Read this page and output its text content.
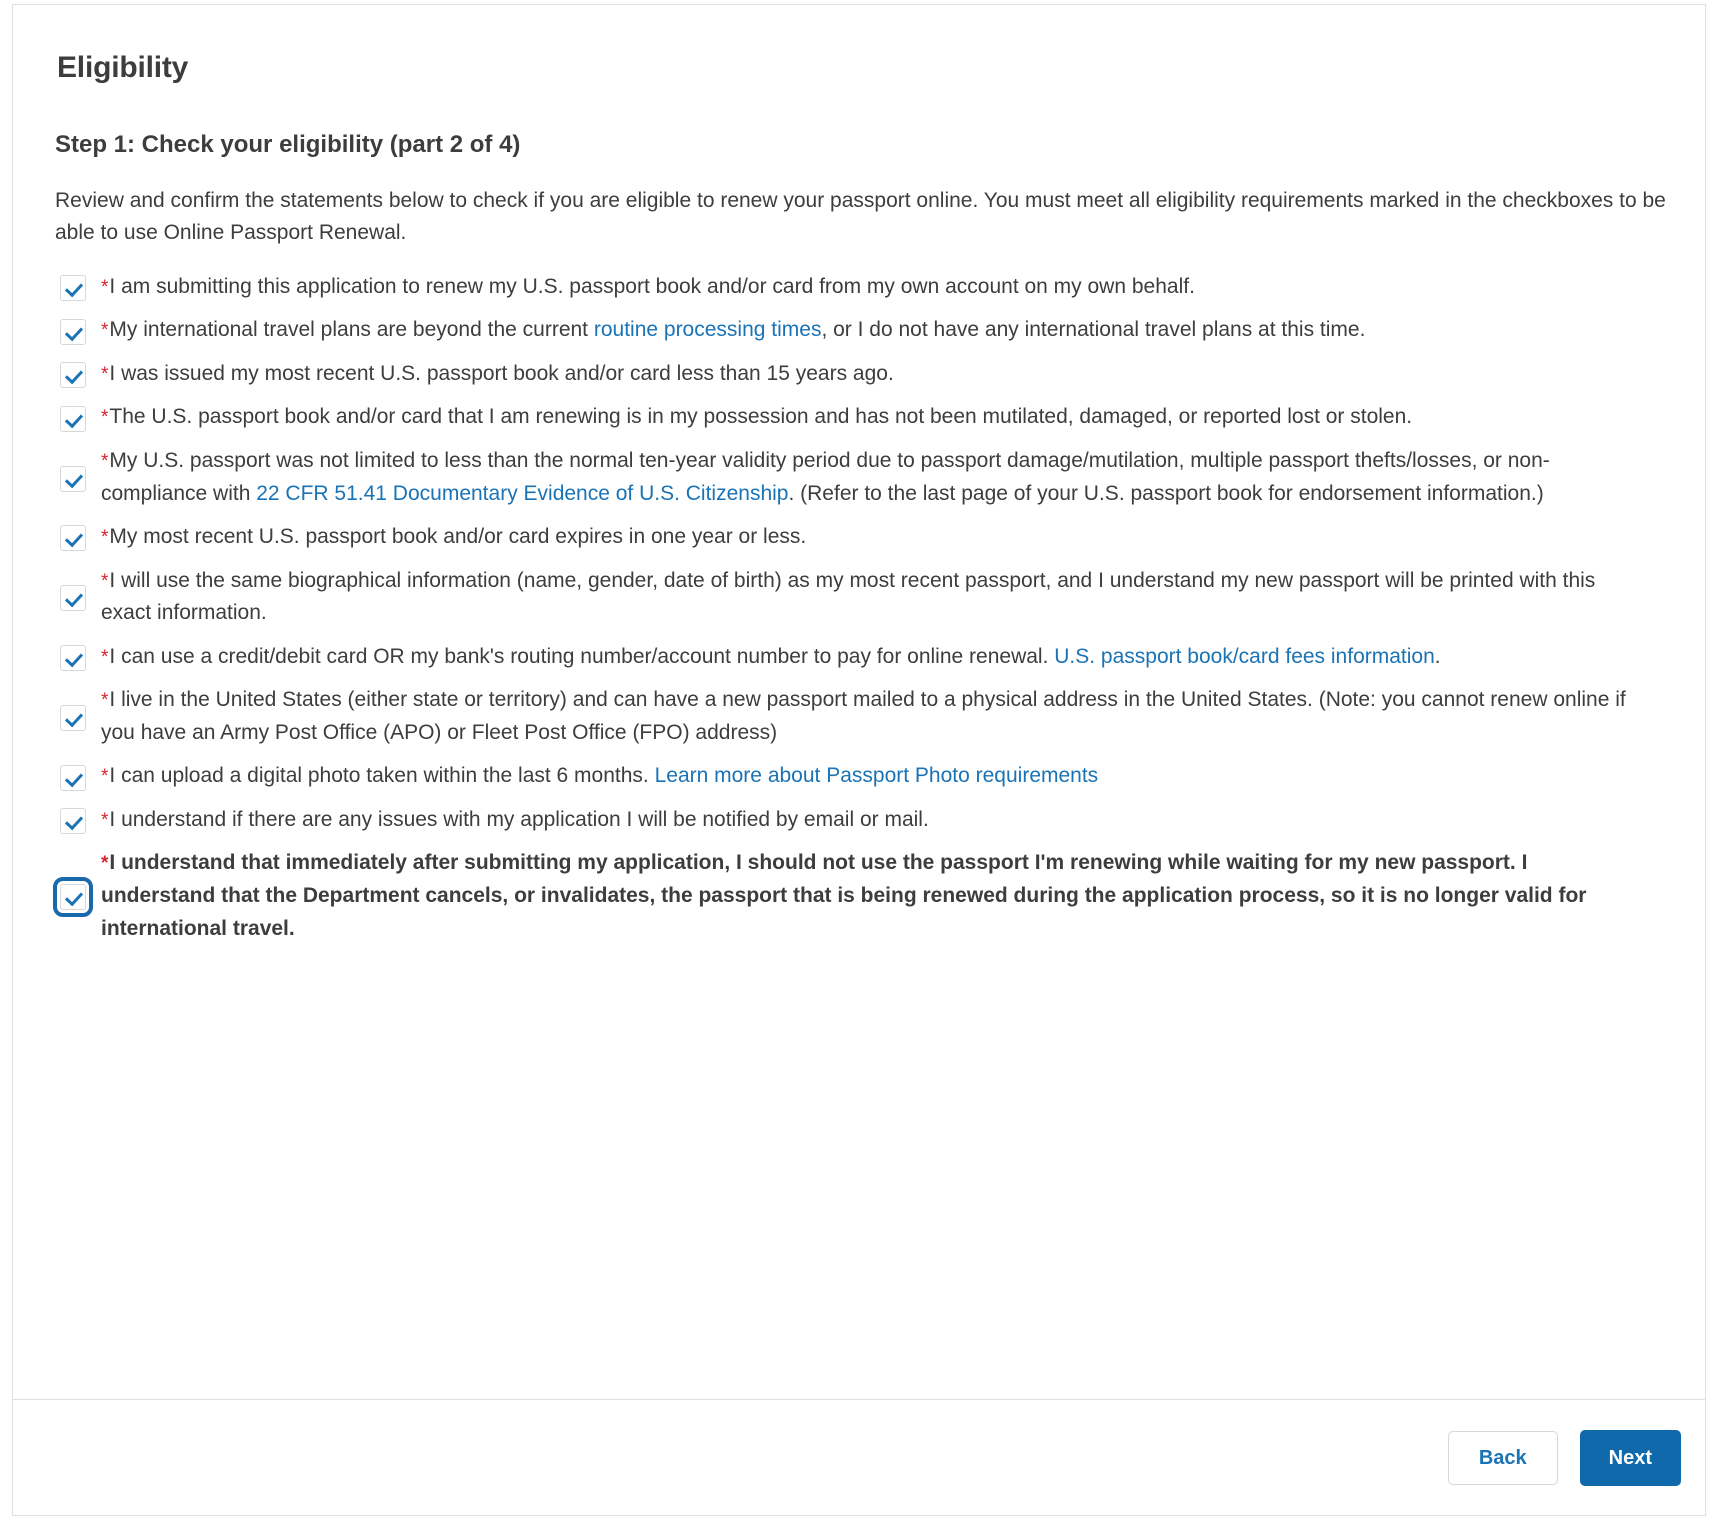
Eligibility
Step 1: Check your eligibility (part 2 of 4)

Review and confirm the statements below to check if you are eligible to renew your passport online. You must meet all eligibility requirements marked in the checkboxes to be able to use Online Passport Renewal.

*I am submitting this application to renew my U.S. passport book and/or card from my own account on my own behalf.
*My international travel plans are beyond the current routine processing times, or I do not have any international travel plans at this time.
*I was issued my most recent U.S. passport book and/or card less than 15 years ago.
*The U.S. passport book and/or card that I am renewing is in my possession and has not been mutilated, damaged, or reported lost or stolen.
*My U.S. passport was not limited to less than the normal ten-year validity period due to passport damage/mutilation, multiple passport thefts/losses, or non-compliance with 22 CFR 51.41 Documentary Evidence of U.S. Citizenship. (Refer to the last page of your U.S. passport book for endorsement information.)
*My most recent U.S. passport book and/or card expires in one year or less.
*I will use the same biographical information (name, gender, date of birth) as my most recent passport, and I understand my new passport will be printed with this exact information.
*I can use a credit/debit card OR my bank's routing number/account number to pay for online renewal. U.S. passport book/card fees information.
*I live in the United States (either state or territory) and can have a new passport mailed to a physical address in the United States. (Note: you cannot renew online if you have an Army Post Office (APO) or Fleet Post Office (FPO) address)
*I can upload a digital photo taken within the last 6 months. Learn more about Passport Photo requirements
*I understand if there are any issues with my application I will be notified by email or mail.
*I understand that immediately after submitting my application, I should not use the passport I'm renewing while waiting for my new passport. I understand that the Department cancels, or invalidates, the passport that is being renewed during the application process, so it is no longer valid for international travel.
Back	Next
